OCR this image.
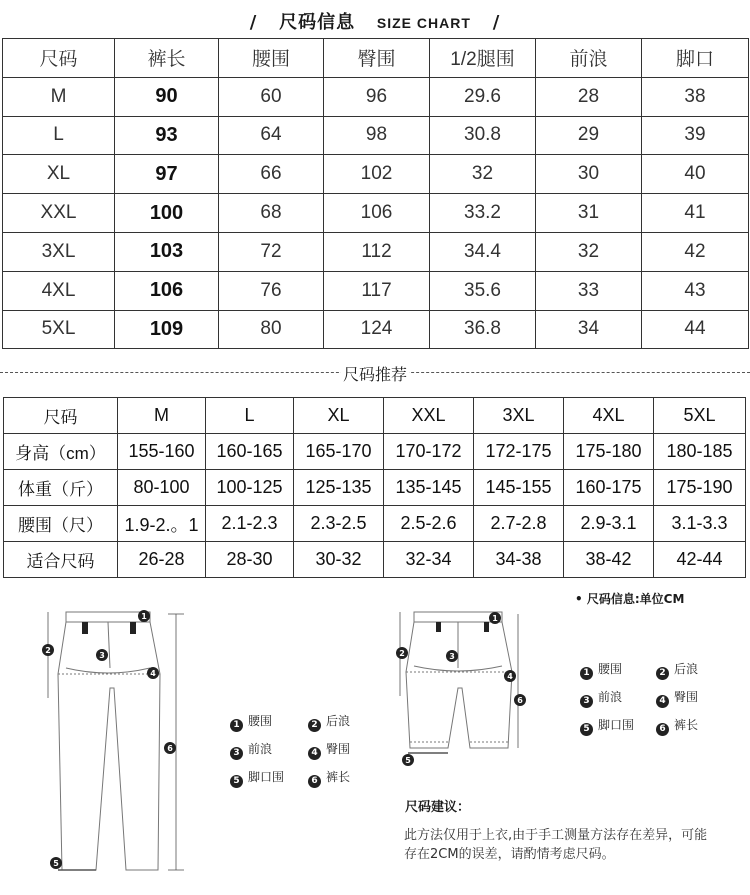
/ 尺码信息 SIZE CHART /
尺码	裤长	腰围	臀围	1/2腿围	前浪	脚口
M	90	60	96	29.6	28	38
L	93	64	98	30.8	29	39
XL	97	66	102	32	30	40
XXL	100	68	106	33.2	31	41
3XL	103	72	112	34.4	32	42
4XL	106	76	117	35.6	33	43
5XL	109	80	124	36.8	34	44
尺码推荐
尺码	M	L	XL	XXL	3XL	4XL	5XL
身高（cm）	155-160	160-165	165-170	170-172	172-175	175-180	180-185
体重（斤）	80-100	100-125	125-135	135-145	145-155	160-175	175-190
腰围（尺）	1.9-2.。1	2.1-2.3	2.3-2.5	2.5-2.6	2.7-2.8	2.9-3.1	3.1-3.3
适合尺码	26-28	28-30	30-32	32-34	34-38	38-42	42-44
1
2
3
4
5
6
1 腰围	2 后浪
3 前浪	4 臀围
5 脚口围	6 裤长
1
2	3
4
5
6
• 尺码信息:单位CM
1 腰围	2 后浪
3 前浪	4 臀围
5 脚口围	6 裤长
尺码建议：
此方法仅用于上衣,由于手工测量方法存在差异，可能存在2CM的误差，请酌情考虑尺码。
